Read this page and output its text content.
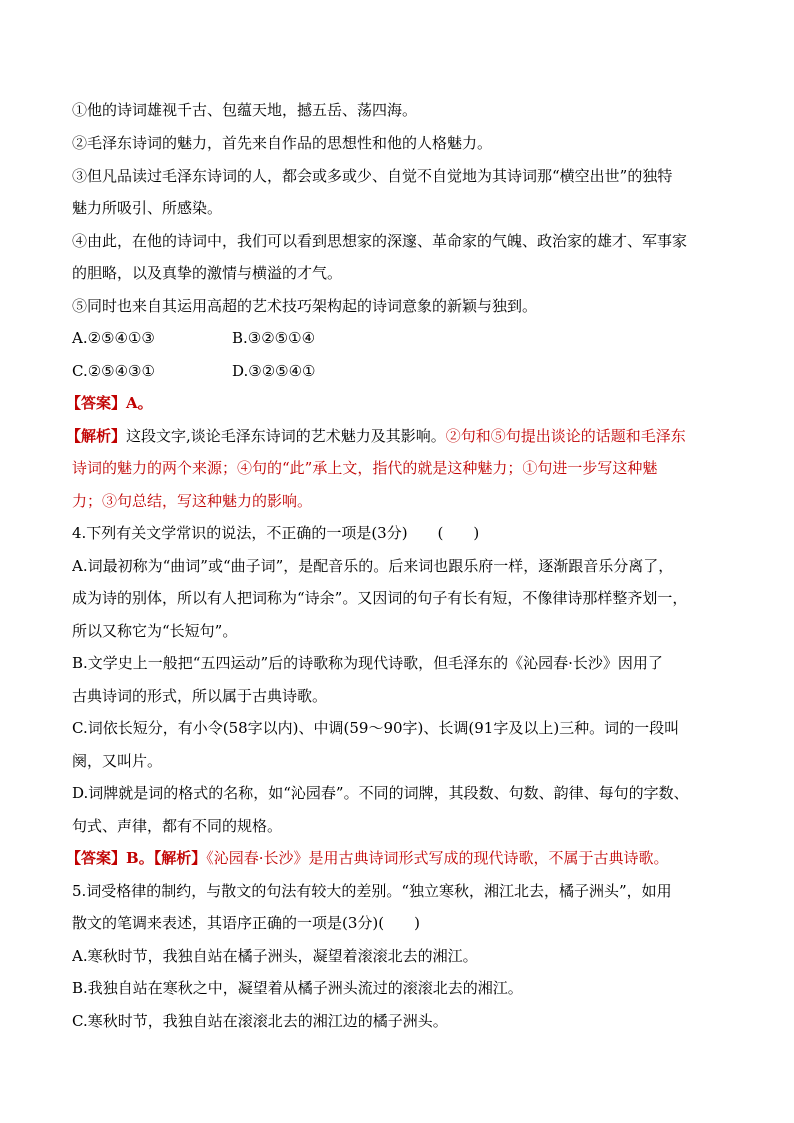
①他的诗词雄视千古、包蕴天地，撼五岳、荡四海。
②毛泽东诗词的魅力，首先来自作品的思想性和他的人格魅力。
③但凡品读过毛泽东诗词的人，都会或多或少、自觉不自觉地为其诗词那“横空出世”的独特
魅力所吸引、所感染。
④由此，在他的诗词中，我们可以看到思想家的深邃、革命家的气魄、政治家的雄才、军事家
的胆略，以及真挚的激情与横溢的才气。
⑤同时也来自其运用高超的艺术技巧架构起的诗词意象的新颖与独到。
A.②⑤④①③	B.③②⑤①④
C.②⑤④③①	D.③②⑤④①
【答案】A。
【解析】这段文字,谈论毛泽东诗词的艺术魅力及其影响。②句和⑤句提出谈论的话题和毛泽东
诗词的魅力的两个来源；④句的“此”承上文，指代的就是这种魅力；①句进一步写这种魅
力；③句总结，写这种魅力的影响。
4.下列有关文学常识的说法，不正确的一项是(3分)　　(　　)
A.词最初称为“曲词”或“曲子词”，是配音乐的。后来词也跟乐府一样，逐渐跟音乐分离了，
成为诗的别体，所以有人把词称为“诗余”。又因词的句子有长有短，不像律诗那样整齐划一，
所以又称它为“长短句”。
B.文学史上一般把“五四运动”后的诗歌称为现代诗歌，但毛泽东的《沁园春·长沙》因用了
古典诗词的形式，所以属于古典诗歌。
C.词依长短分，有小令(58字以内)、中调(59～90字)、长调(91字及以上)三种。词的一段叫
阕，又叫片。
D.词牌就是词的格式的名称，如“沁园春”。不同的词牌，其段数、句数、韵律、每句的字数、
句式、声律，都有不同的规格。
【答案】B。【解析】《沁园春·长沙》是用古典诗词形式写成的现代诗歌，不属于古典诗歌。
5.词受格律的制约，与散文的句法有较大的差别。“独立寒秋，湘江北去，橘子洲头”，如用
散文的笔调来表述，其语序正确的一项是(3分)(　　)
A.寒秋时节，我独自站在橘子洲头，凝望着滚滚北去的湘江。
B.我独自站在寒秋之中，凝望着从橘子洲头流过的滚滚北去的湘江。
C.寒秋时节，我独自站在滚滚北去的湘江边的橘子洲头。
